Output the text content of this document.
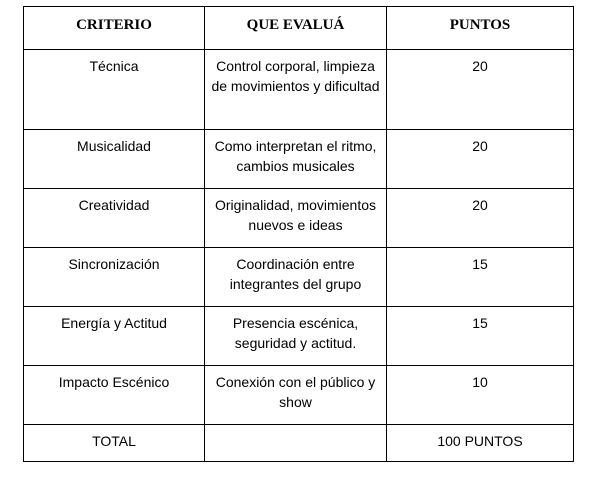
CRITERIO	QUE EVALUÁ	PUNTOS
Técnica	Control corporal, limpieza de movimientos y dificultad	20
Musicalidad	Como interpretan el ritmo, cambios musicales	20
Creatividad	Originalidad, movimientos nuevos e ideas	20
Sincronización	Coordinación entre integrantes del grupo	15
Energía y Actitud	Presencia escénica, seguridad y actitud.	15
Impacto Escénico	Conexión con el público y show	10
TOTAL		100 PUNTOS
